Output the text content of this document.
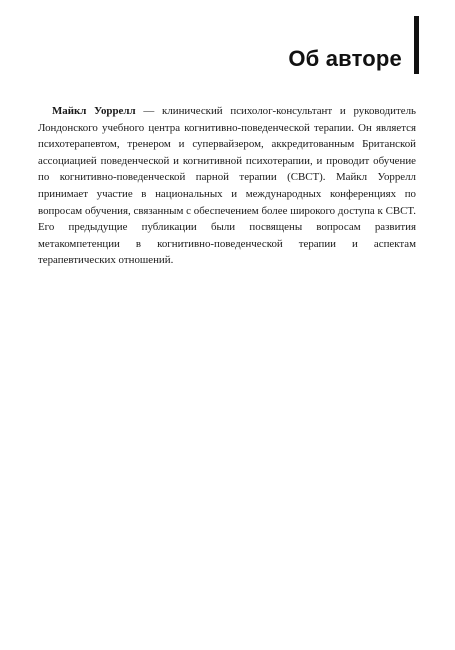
Об авторе

Майкл Уоррелл — клинический психолог-консультант и руководитель Лондонского учебного центра когнитивно-поведенческой терапии. Он является психотерапевтом, тренером и супервайзером, аккредитованным Британской ассоциацией поведенческой и когнитивной психотерапии, и проводит обучение по когнитивно-поведенческой парной терапии (CBCT). Майкл Уоррелл принимает участие в национальных и международных конференциях по вопросам обучения, связанным с обеспечением более широкого доступа к CBCT. Его предыдущие публикации были посвящены вопросам развития метакомпетенции в когнитивно-поведенческой терапии и аспектам терапевтических отношений.
